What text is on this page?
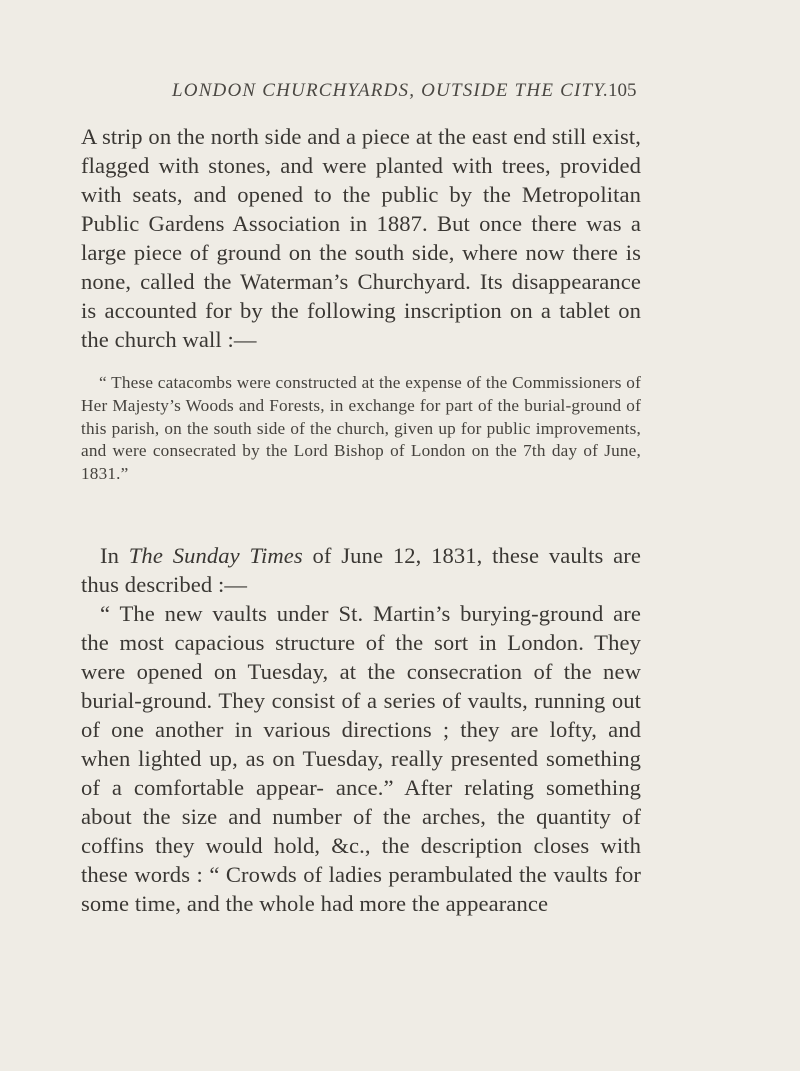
LONDON CHURCHYARDS, OUTSIDE THE CITY.
105

A strip on the north side and a piece at the east end still exist, flagged with stones, and were planted with trees, provided with seats, and opened to the public by the Metropolitan Public Gardens Association in 1887. But once there was a large piece of ground on the south side, where now there is none, called the Waterman’s Churchyard. Its disappearance is accounted for by the following inscription on a tablet on the church wall :—

“ These catacombs were constructed at the expense of the Commissioners of Her Majesty’s Woods and Forests, in exchange for part of the burial-ground of this parish, on the south side of the church, given up for public improvements, and were consecrated by the Lord Bishop of London on the 7th day of June, 1831.”

In The Sunday Times of June 12, 1831, these vaults are thus described :—
“ The new vaults under St. Martin’s burying-ground are the most capacious structure of the sort in London. They were opened on Tuesday, at the consecration of the new burial-ground. They consist of a series of vaults, running out of one another in various directions ; they are lofty, and when lighted up, as on Tuesday, really presented something of a comfortable appear- ance.” After relating something about the size and number of the arches, the quantity of coffins they would hold, &c., the description closes with these words : “ Crowds of ladies perambulated the vaults for some time, and the whole had more the appearance
